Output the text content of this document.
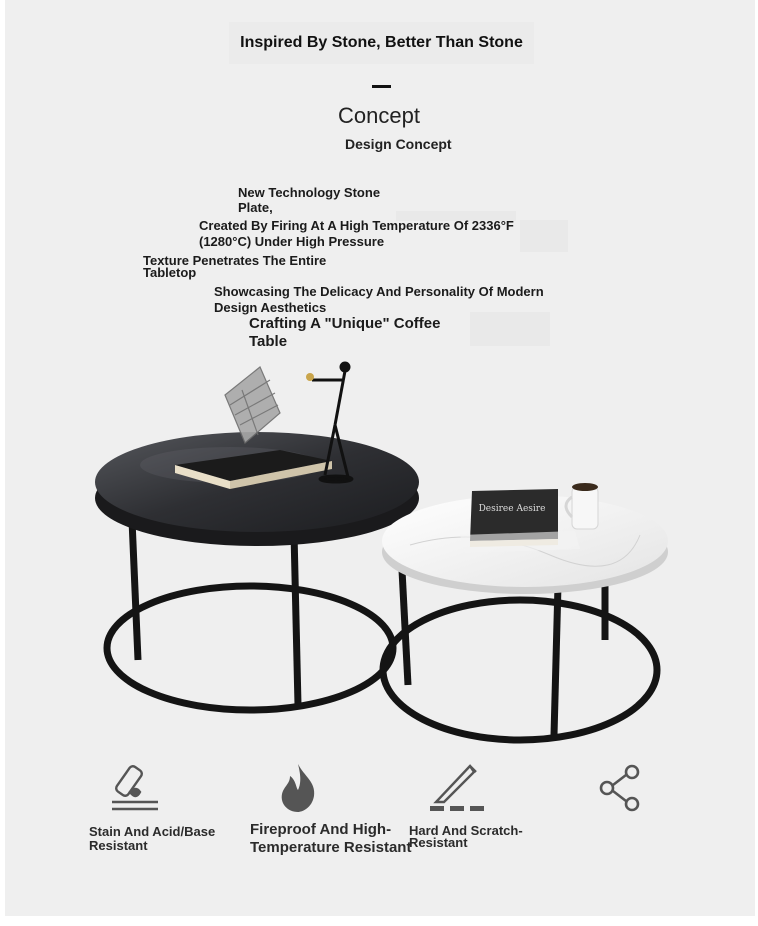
Inspired By Stone, Better Than Stone
Concept
Design Concept
New Technology Stone Plate,
Created By Firing At A High Temperature Of 2336°F (1280°C) Under High Pressure
Texture Penetrates The Entire Tabletop
Showcasing The Delicacy And Personality Of Modern Design Aesthetics
Crafting A "Unique" Coffee Table
Desiree Aesire
Stain And Acid/Base Resistant
Fireproof And High-Temperature Resistant
Hard And Scratch-Resistant
